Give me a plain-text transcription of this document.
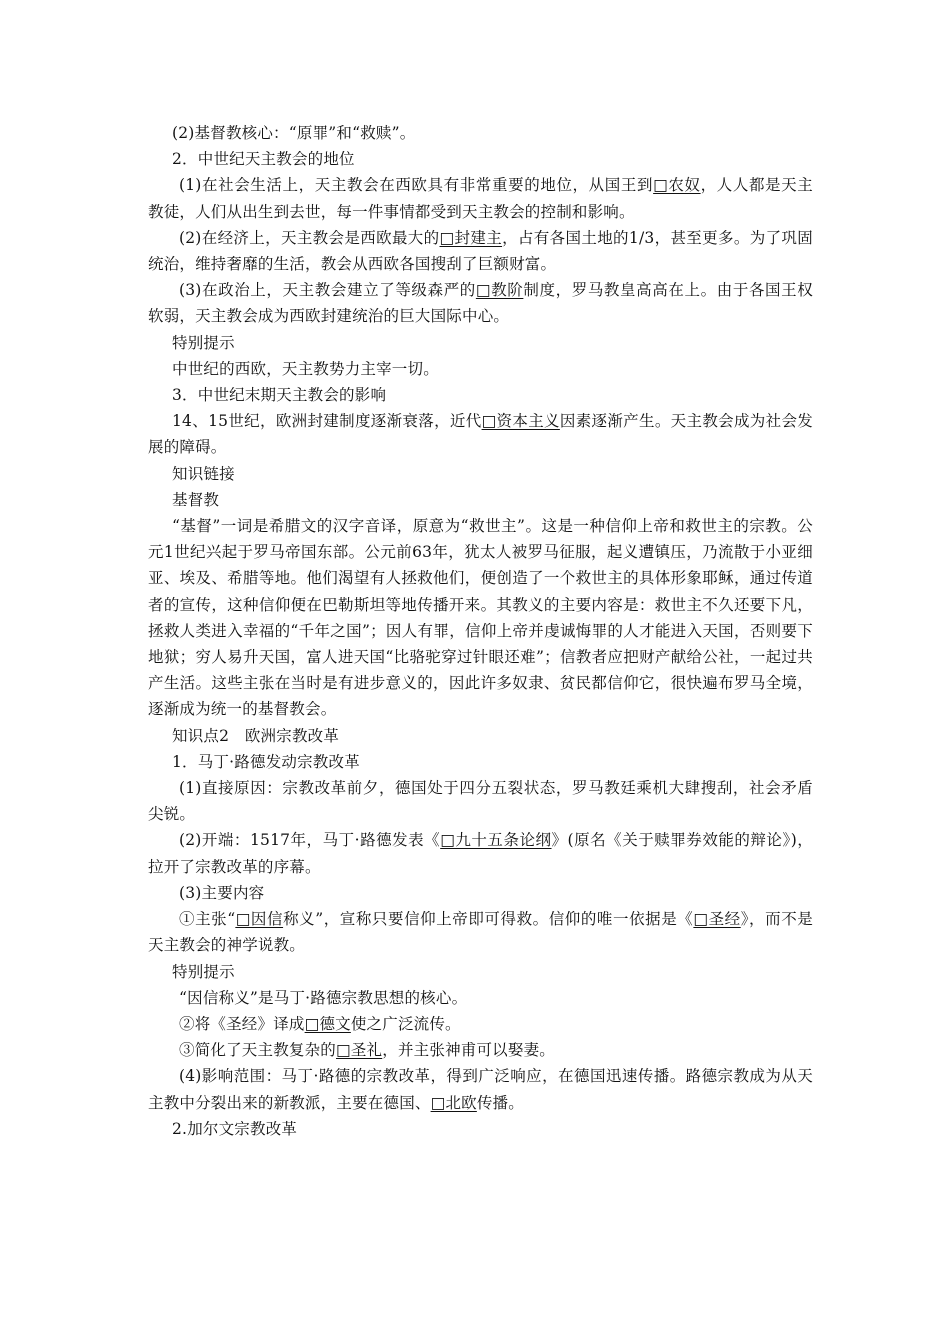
(2)基督教核心：“原罪”和“救赎”。

2．中世纪天主教会的地位

(1)在社会生活上，天主教会在西欧具有非常重要的地位，从国王到□农奴，人人都是天主教徒，人们从出生到去世，每一件事情都受到天主教会的控制和影响。

(2)在经济上，天主教会是西欧最大的□封建主，占有各国土地的1/3，甚至更多。为了巩固统治，维持奢靡的生活，教会从西欧各国搜刮了巨额财富。

(3)在政治上，天主教会建立了等级森严的□教阶制度，罗马教皇高高在上。由于各国王权软弱，天主教会成为西欧封建统治的巨大国际中心。

特别提示

中世纪的西欧，天主教势力主宰一切。

3．中世纪末期天主教会的影响

14、15世纪，欧洲封建制度逐渐衰落，近代□资本主义因素逐渐产生。天主教会成为社会发展的障碍。

知识链接

基督教

“基督”一词是希腊文的汉字音译，原意为“救世主”。这是一种信仰上帝和救世主的宗教。公元1世纪兴起于罗马帝国东部。公元前63年，犹太人被罗马征服，起义遭镇压，乃流散于小亚细亚、埃及、希腊等地。他们渴望有人拯救他们，便创造了一个救世主的具体形象耶稣，通过传道者的宣传，这种信仰便在巴勒斯坦等地传播开来。其教义的主要内容是：救世主不久还要下凡，拯救人类进入幸福的“千年之国”；因人有罪，信仰上帝并虔诚悔罪的人才能进入天国，否则要下地狱；穷人易升天国，富人进天国“比骆驼穿过针眼还难”；信教者应把财产献给公社，一起过共产生活。这些主张在当时是有进步意义的，因此许多奴隶、贫民都信仰它，很快遍布罗马全境，逐渐成为统一的基督教会。

知识点2　欧洲宗教改革

1．马丁·路德发动宗教改革

(1)直接原因：宗教改革前夕，德国处于四分五裂状态，罗马教廷乘机大肆搜刮，社会矛盾尖锐。

(2)开端：1517年，马丁·路德发表《□九十五条论纲》(原名《关于赎罪券效能的辩论》)，拉开了宗教改革的序幕。

(3)主要内容

①主张“□因信称义”，宣称只要信仰上帝即可得救。信仰的唯一依据是《□圣经》，而不是天主教会的神学说教。

特别提示

“因信称义”是马丁·路德宗教思想的核心。

②将《圣经》译成□德文使之广泛流传。

③简化了天主教复杂的□圣礼，并主张神甫可以娶妻。

(4)影响范围：马丁·路德的宗教改革，得到广泛响应，在德国迅速传播。路德宗教成为从天主教中分裂出来的新教派，主要在德国、□北欧传播。

2.加尔文宗教改革
